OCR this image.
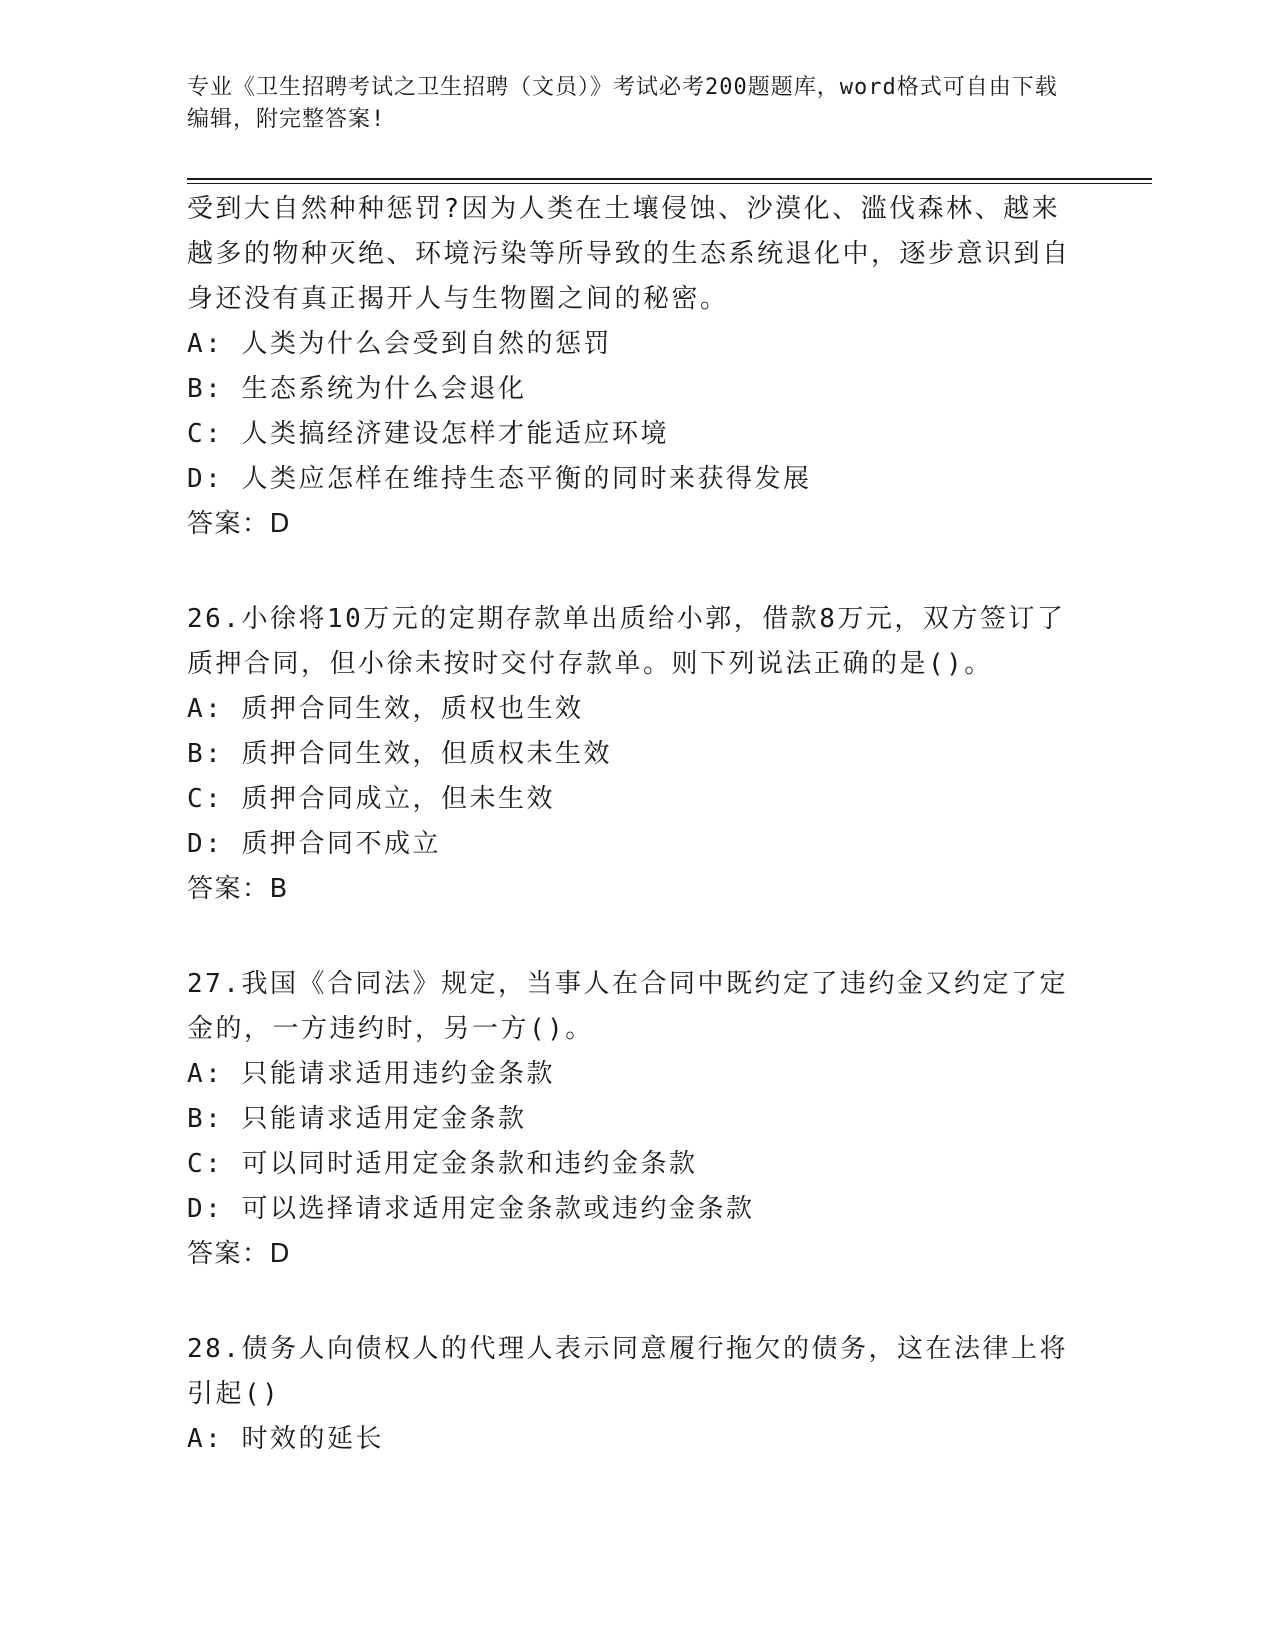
专业《卫生招聘考试之卫生招聘（文员）》考试必考200题题库，word格式可自由下载编辑，附完整答案!

受到大自然种种惩罚?因为人类在土壤侵蚀、沙漠化、滥伐森林、越来越多的物种灭绝、环境污染等所导致的生态系统退化中，逐步意识到自身还没有真正揭开人与生物圈之间的秘密。

A: 人类为什么会受到自然的惩罚

B: 生态系统为什么会退化

C: 人类搞经济建设怎样才能适应环境

D: 人类应怎样在维持生态平衡的同时来获得发展

答案：D

26.小徐将10万元的定期存款单出质给小郭，借款8万元，双方签订了质押合同，但小徐未按时交付存款单。则下列说法正确的是()。

A: 质押合同生效，质权也生效

B: 质押合同生效，但质权未生效

C: 质押合同成立，但未生效

D: 质押合同不成立

答案：B

27.我国《合同法》规定，当事人在合同中既约定了违约金又约定了定金的，一方违约时，另一方()。

A: 只能请求适用违约金条款

B: 只能请求适用定金条款

C: 可以同时适用定金条款和违约金条款

D: 可以选择请求适用定金条款或违约金条款

答案：D

28.债务人向债权人的代理人表示同意履行拖欠的债务，这在法律上将引起()

A: 时效的延长
